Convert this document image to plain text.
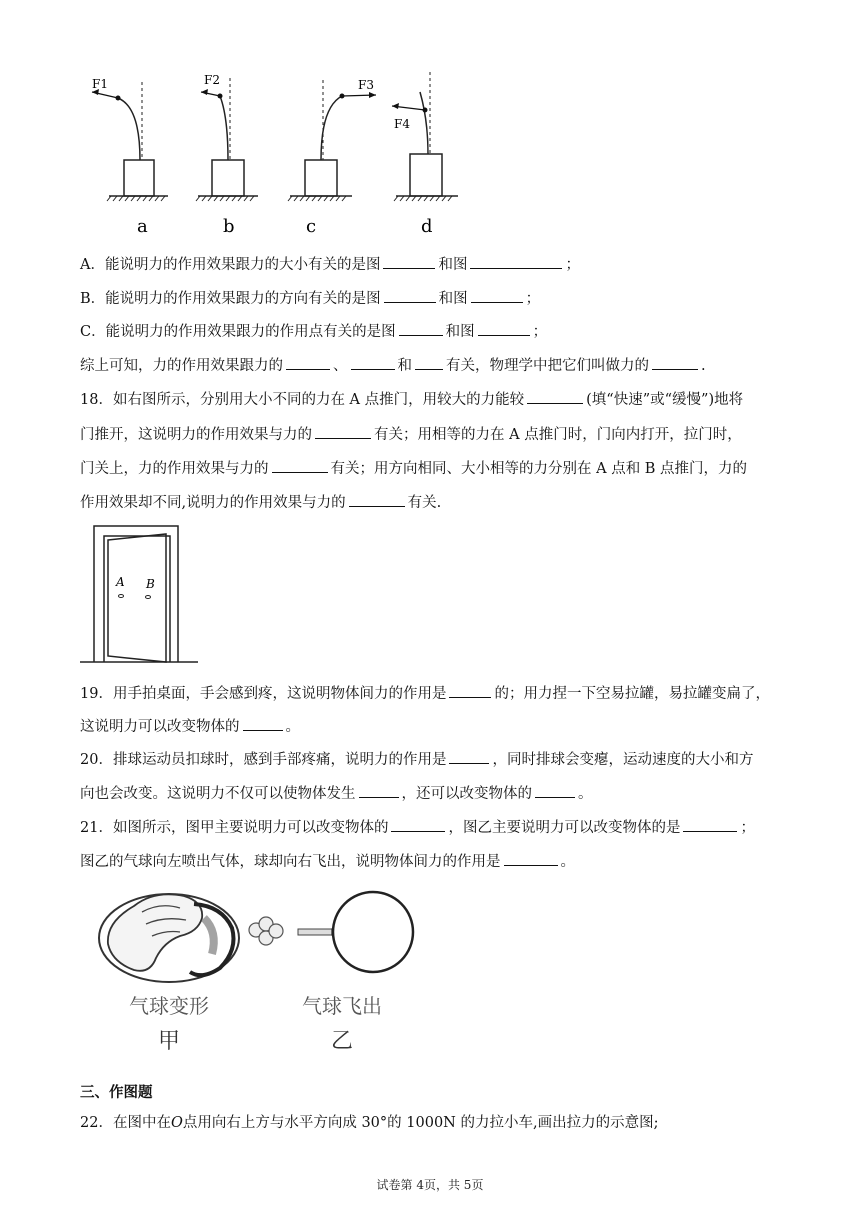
F1
a
F2
b
F3
c
F4
d
A．能说明力的作用效果跟力的大小有关的是图	和图	；
B．能说明力的作用效果跟力的方向有关的是图	和图	；
C．能说明力的作用效果跟力的作用点有关的是图	和图	；
综上可知，力的作用效果跟力的	、	和 有关，物理学中把它们叫做力的	.
18．如右图所示，分别用大小不同的力在 A 点推门，用较大的力能较	(填“快速”或“缓慢”)地将
门推开，这说明力的作用效果与力的	有关；用相等的力在 A 点推门时，门向内打开，拉门时，
门关上，力的作用效果与力的	有关；用方向相同、大小相等的力分别在 A 点和 B 点推门，力的
作用效果却不同,说明力的作用效果与力的	有关.
A B
19．用手拍桌面，手会感到疼，这说明物体间力的作用是	的；用力捏一下空易拉罐，易拉罐变扁了，
这说明力可以改变物体的	。
20．排球运动员扣球时，感到手部疼痛，说明力的作用是	，同时排球会变瘪，运动速度的大小和方
向也会改变。这说明力不仅可以使物体发生	，还可以改变物体的	。
21．如图所示，图甲主要说明力可以改变物体的	，图乙主要说明力可以改变物体的是	；
图乙的气球向左喷出气体，球却向右飞出，说明物体间力的作用是	。
气球变形
甲
气球飞出
乙
三、作图题
22．在图中在O点用向右上方与水平方向成 30°的 1000N 的力拉小车,画出拉力的示意图;
试卷第 4页，共 5页
